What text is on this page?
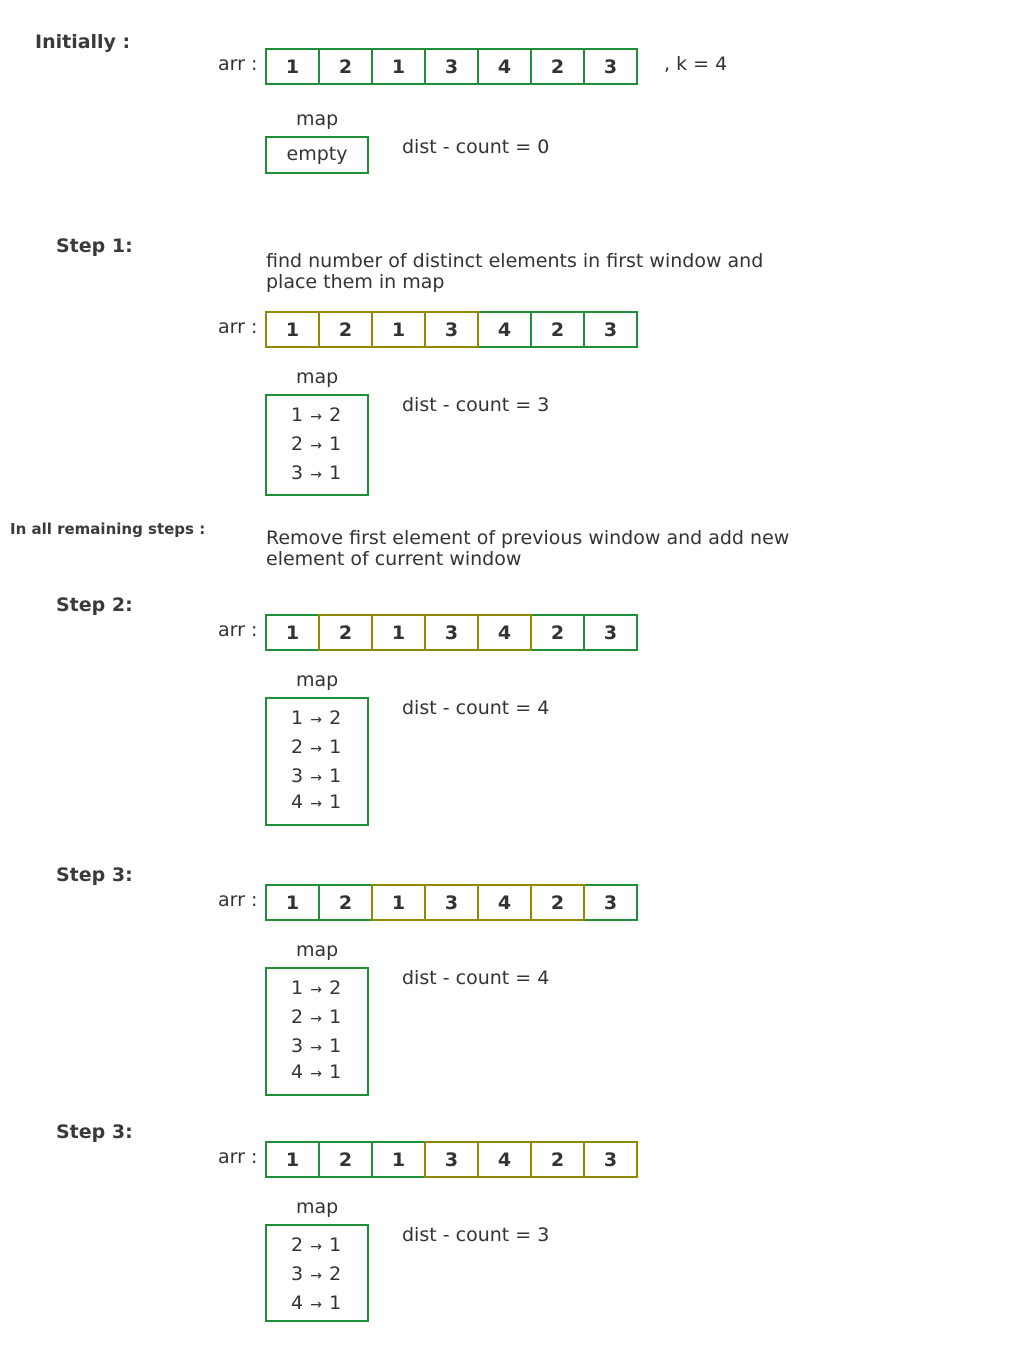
Initially :
arr :	1	2	1	3	4	2	3	, k = 4
map
empty	dist - count = 0
Step 1:
find number of distinct elements in first window and
place them in map
arr :	1	2	1	3	4	2	3
map
1 → 2
2 → 1
3 → 1
dist - count = 3
In all remaining steps :	Remove first element of previous window and add new
element of current window
Step 2:
arr :	1	2	1	3	4	2	3
map
1 → 2
2 → 1
3 → 1
4 → 1
dist - count = 4
Step 3:
arr :	1	2	1	3	4	2	3
map
1 → 2
2 → 1
3 → 1
4 → 1
dist - count = 4
Step 3:
arr :	1	2	1	3	4	2	3
map
2 → 1
3 → 2
4 → 1
dist - count = 3
